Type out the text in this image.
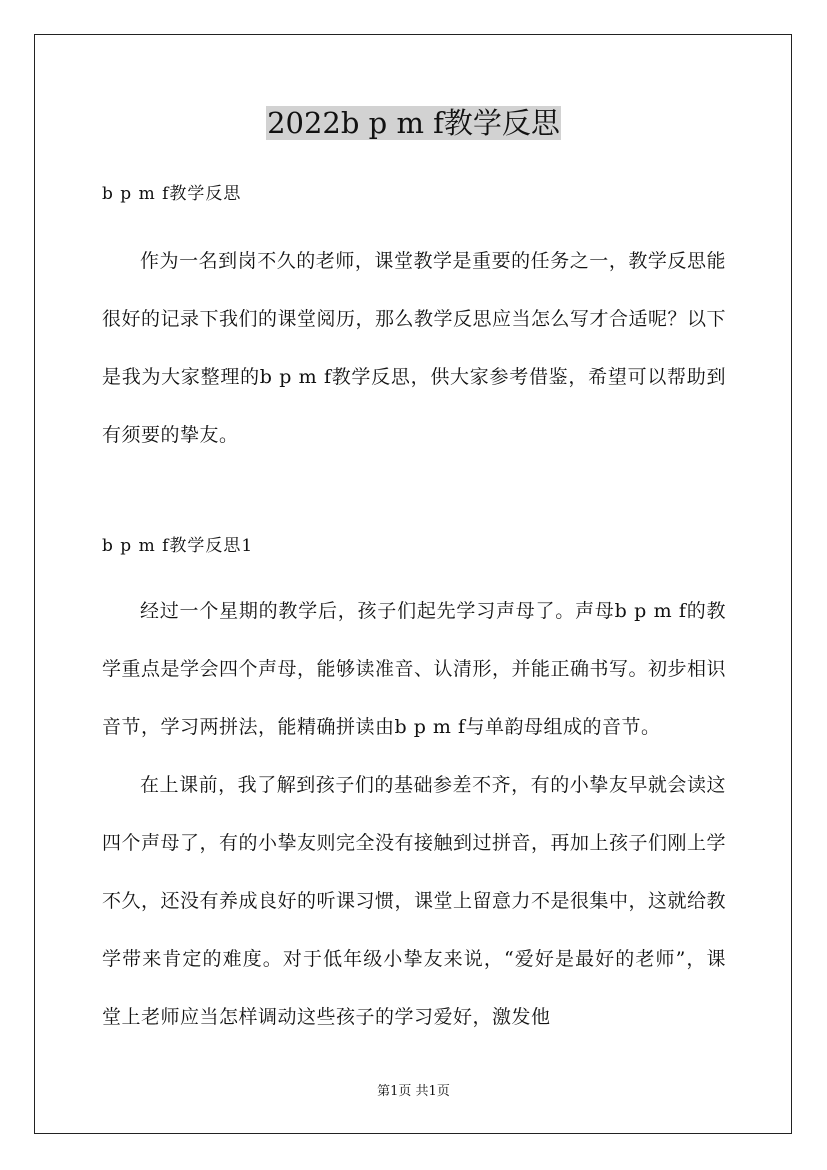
2022b p m f教学反思

b p m f教学反思

作为一名到岗不久的老师，课堂教学是重要的任务之一，教学反思能很好的记录下我们的课堂阅历，那么教学反思应当怎么写才合适呢？以下是我为大家整理的b p m f教学反思，供大家参考借鉴，希望可以帮助到有须要的挚友。

b p m f教学反思1

经过一个星期的教学后，孩子们起先学习声母了。声母b p m f的教学重点是学会四个声母，能够读准音、认清形，并能正确书写。初步相识音节，学习两拼法，能精确拼读由b p m f与单韵母组成的音节。

在上课前，我了解到孩子们的基础参差不齐，有的小挚友早就会读这四个声母了，有的小挚友则完全没有接触到过拼音，再加上孩子们刚上学不久，还没有养成良好的听课习惯，课堂上留意力不是很集中，这就给教学带来肯定的难度。对于低年级小挚友来说，“爱好是最好的老师”，课堂上老师应当怎样调动这些孩子的学习爱好，激发他

第1页 共1页
